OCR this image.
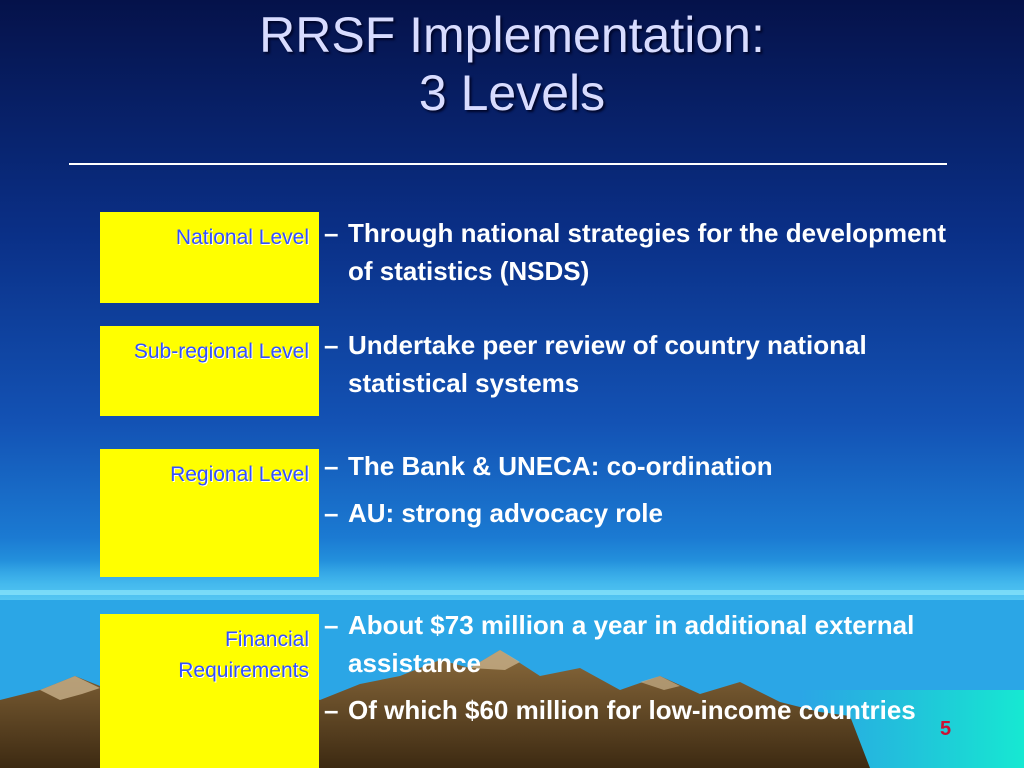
RRSF Implementation:
3 Levels
National Level – Through national strategies for the development of statistics (NSDS)
Sub-regional Level – Undertake peer review of country national statistical systems
Regional Level – The Bank & UNECA: co-ordination
– AU: strong advocacy role
Financial Requirements
– About $73 million a year in additional external assistance
– Of which $60 million for low-income countries
5
